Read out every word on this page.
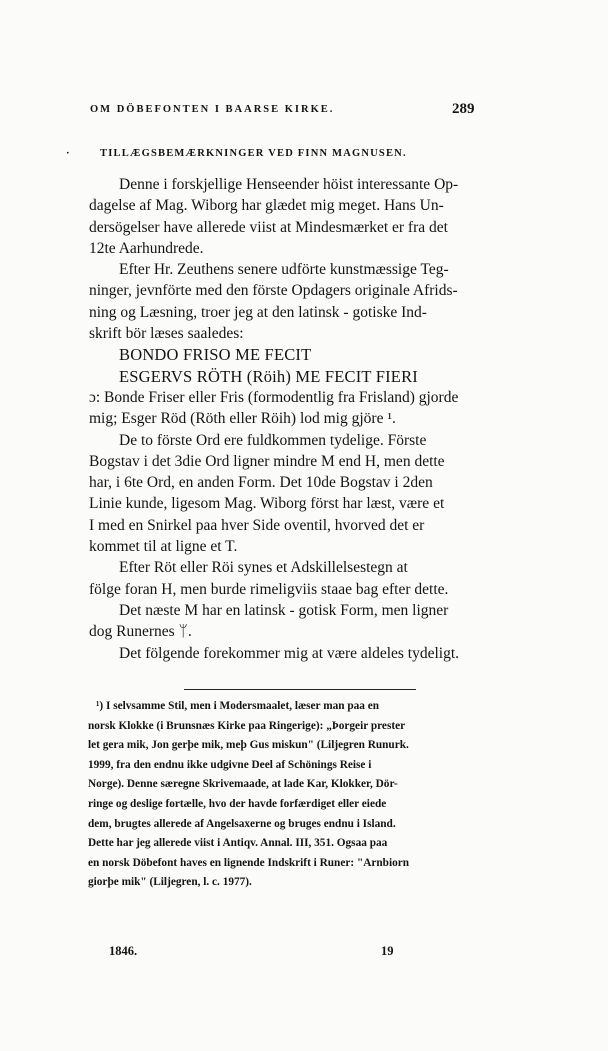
OM DÖBEFONTEN I BAARSE KIRKE.	289
·	TILLÆGSBEMÆRKNINGER VED FINN MAGNUSEN.
Denne i forskjellige Henseender höist interessante Op-
dagelse af Mag. Wiborg har glædet mig meget. Hans Un-
dersögelser have allerede viist at Mindesmærket er fra det
12te Aarhundrede.
Efter Hr. Zeuthens senere udförte kunstmæssige Teg-
ninger, jevnförte med den förste Opdagers originale Afrids-
ning og Læsning, troer jeg at den latinsk - gotiske Ind-
skrift bör læses saaledes:
BONDO FRISO ME FECIT
ESGERVS RÖTH (Röih) ME FECIT FIERI
ɔ: Bonde Friser eller Fris (formodentlig fra Frisland) gjorde
mig; Esger Röd (Röth eller Röih) lod mig gjöre ¹.
De to förste Ord ere fuldkommen tydelige. Förste
Bogstav i det 3die Ord ligner mindre M end H, men dette
har, i 6te Ord, en anden Form. Det 10de Bogstav i 2den
Linie kunde, ligesom Mag. Wiborg först har læst, være et
I med en Snirkel paa hver Side oventil, hvorved det er
kommet til at ligne et T.
Efter Röt eller Röi synes et Adskillelsestegn at
fölge foran H, men burde rimeligviis staae bag efter dette.
Det næste M har en latinsk - gotisk Form, men ligner
dog Runernes ᛘ.
Det fölgende forekommer mig at være aldeles tydeligt.
¹) I selvsamme Stil, men i Modersmaalet, læser man paa en
norsk Klokke (i Brunsnæs Kirke paa Ringerige): „Þorgeir prester
let gera mik, Jon gerþe mik, meþ Gus miskun" (Liljegren Runurk.
1999, fra den endnu ikke udgivne Deel af Schönings Reise i
Norge). Denne særegne Skrivemaade, at lade Kar, Klokker, Dör-
ringe og deslige fortælle, hvo der havde forfærdiget eller eiede
dem, brugtes allerede af Angelsaxerne og bruges endnu i Island.
Dette har jeg allerede viist i Antiqv. Annal. III, 351. Ogsaa paa
en norsk Döbefont haves en lignende Indskrift i Runer: "Arnbiorn
giorþe mik" (Liljegren, l. c. 1977).
1846.	19
